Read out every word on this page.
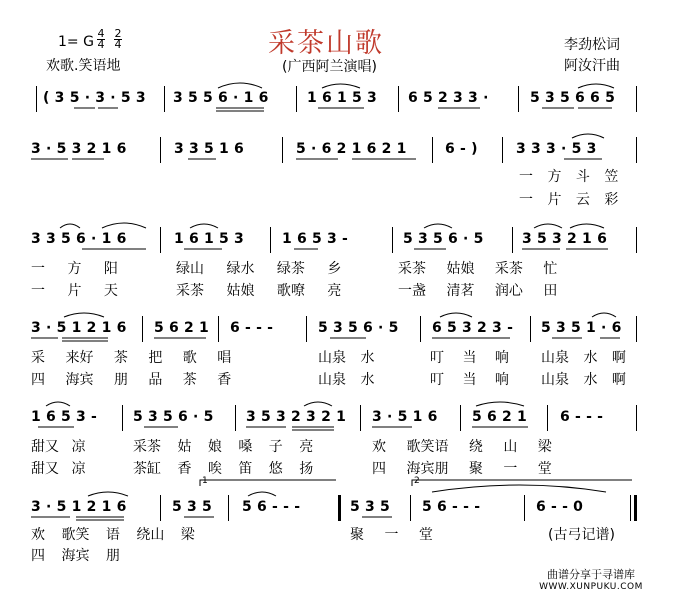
1= G
4
4
2
4
欢歌.笑语地
采茶山歌
(广西阿兰演唱)
李劲松词
阿汝汗曲
( 3 5 · 3 · 5 3 3 5 5 6 · 1 6	1 6 1 5 3 6 5 2 3 3 ·	5 3 5 6 6 5
3 · 5 3 2 1 6	3 3 5 1 6	5 · 6 2 1 6 2 1	6 - )	3 3 3 · 5 3
一 方 斗 笠
一 片 云 彩
3 3 5 6 · 1 6	1 6 1 5 3	1 6 5 3 -	5 3 5 6 · 5	3 5 3 2 1 6
一 方 阳	绿山 绿水 绿茶 乡	采茶 姑娘 采茶 忙
一 片 天	采茶 姑娘 歌嘹 亮	一盏 清茗 润心 田
3 · 5 1 2 1 6 5 6 2 1 6 - - -	5 3 5 6 · 5 6 5 3 2 3 - 5 3 5 1 · 6
采 来好 茶 把 歌 唱	山泉 水	叮 当 响 山泉 水 啊
四 海宾 朋 品 茶 香	山泉 水	叮 当 响 山泉 水 啊
1 6 5 3 -	5 3 5 6 · 5 3 5 3 2 3 2 1 3 · 5 1 6 5 6 2 1 6 - - -
甜又 凉	采茶 姑 娘 嗓 子 亮	欢 歌笑语 绕 山 梁
甜又 凉	茶缸 香 唉 笛 悠 扬	四 海宾朋 聚 一 堂
3 · 5 1 2 1 6	5 3 5 5 6 - - -	5 3 5 5 6 - - -	6 - - 0
1	2
欢 歌笑 语 绕山 梁	聚 一 堂
四 海宾 朋
(古弓记谱)
曲谱分享于寻谱库
WWW.XUNPUKU.COM
